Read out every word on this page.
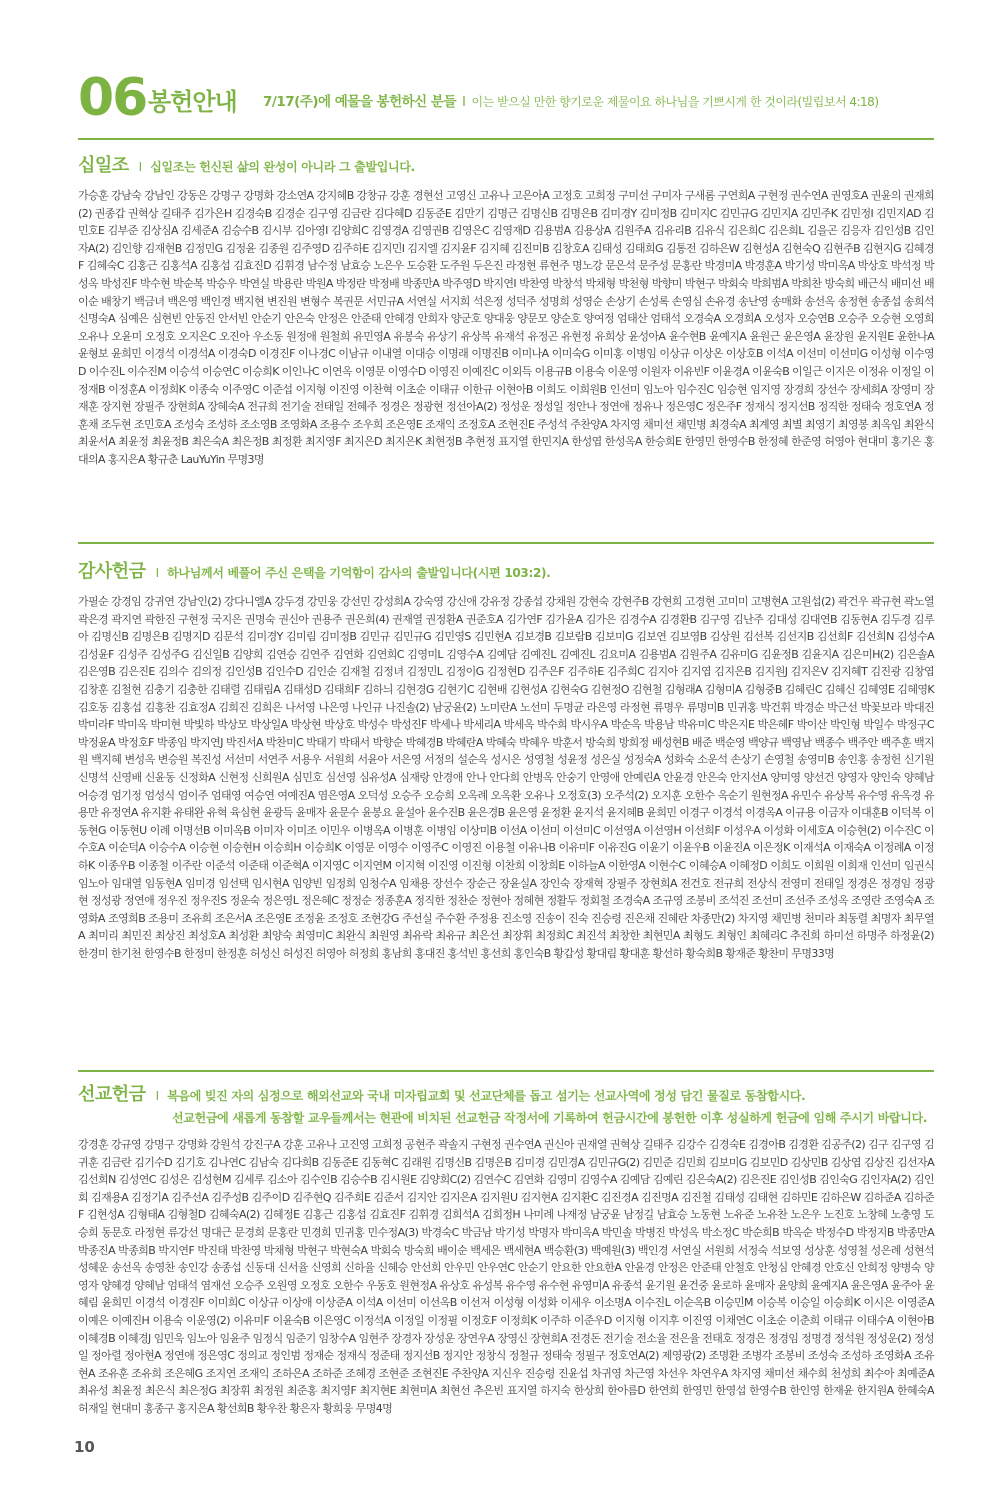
06 봉헌안내 7/17(주)에 예물을 봉헌하신 분들 I 이는 받으실 만한 향기로운 제물이요 하나님을 기쁘시게 한 것이라(빌립보서 4:18)
십일조 I 십일조는 헌신된 삶의 완성이 아니라 그 출발입니다.
가승훈 강남숙 강남인 강동은 강명구 강명화 강소연A 강지혜B 강창규 강훈 경현선 고영신 고유나 고은아A 고정호 고희정 구미선 구미자 구새롬 구연희A 구현정 권수연A 권영호A 권윤의 권재희(2) 권종갑 권혁상 길태주 김가은H 김경숙B 김경순 김구영 김금란 김다혜D 김동준E 김만기 김명근 김명신B 김명은B 김미경Y 김미정B 김미지C 김민규G 김민지A 김민주K 김민정I 김민지AD 김민호E 김부준 김상심A 김세준A 김승수B 김시부 김아영I 김양희C 김영경A 김영권B 김영은C 김영재D 김용범A 김용상A 김원주A 김유리B 김유식 김은희C 김은희L 김을곤 김응자 김인성B 김인자A(2) 김인향 김재현B 김정민G 김정윤 김종원 김주영D 김주하E 김지민I 김지엘 김지윤F 김지혜 김진미B 김창호A 김태성 김태희G 김통전 김하은W 김현성A 김현숙Q 김현주B 김현지G 김혜경F 김혜숙C 김홍근 김홍석A 김홍섭 김효진D 김휘경 남수정 남효승 노은우 도승환 도주원 두은진 라정현 류현주 명노강 문은석 문주성 문홍란 박경미A 박경훈A 박기성 박미옥A 박상호 박석정 박성옥 박성진F 박수현 박순복 박승우 박연실 박용란 박원A 박정란 박정배 박종만A 박주영D 박지연I 박찬영 박창석 박채형 박천형 박향미 박현구 박회숙 박희범A 박희찬 방숙희 배근식 배미선 배이순 배창기 백금녀 백은영 백인경 백지현 변진원 변형수 복권문 서민규A 서연실 서지희 석은정 성덕주 성명희 성영순 손상기 손성록 손영심 손유경 송난영 송매화 송선옥 송정현 송종섭 송희석 신명숙A 심예은 심현빈 안동진 안서빈 안순기 안은숙 안정은 안준태 안혜경 안희자 양군호 양대웅 양문모 양순호 양여정 엄태산 엄태석 오경숙A 오경희A 오성자 오승연B 오승주 오승현 오영희 오유나 오윤미 오정호 오지은C 오진아 우소동 원정애 원철희 유민영A 유봉숙 유상기 유상복 유재석 유정곤 유현정 유희상 윤성아A 윤수현B 윤예지A 윤원근 윤은영A 윤장원 윤지원E 윤한나A 윤형보 윤희민 이경석 이경석A 이경숙D 이경진F 이나경C 이남규 이내열 이대승 이명래 이명진B 이미나A 이미숙G 이미홍 이병임 이상규 이상온 이상호B 이석A 이선미 이선미G 이성형 이수영D 이수진L 이수진M 이승석 이승연C 이승희K 이인나C 이연옥 이영문 이영수D 이영진 이예진C 이외득 이용규B 이용숙 이운영 이원자 이유빈F 이윤경A 이윤숙B 이일근 이지은 이정유 이정일 이정재B 이정훈A 이정희K 이종숙 이주영C 이준섭 이지형 이진영 이찬혁 이초순 이태규 이한규 이현아B 이희도 이희원B 인선미 임노아 임수진C 임승현 임지영 장경희 장선수 장세희A 장영미 장재훈 장지현 장필주 장현희A 장혜숙A 전규희 전기술 전태일 전혜주 정경은 정광현 정선아A(2) 정성운 정성일 정안나 정연애 정유나 정은영C 정은주F 정재식 정지선B 정직한 정태숙 정호연A 정훈채 조두현 조민호A 조성숙 조성하 조소영B 조영화A 조용수 조우희 조은영E 조재익 조정호A 조현진E 주성석 주찬양A 차지영 채미선 채민병 최경숙A 최계영 최별 최영기 최영봉 최옥임 최완식 최윤서A 최윤정 최윤정B 최은숙A 최은정B 최정환 최지영F 최지은D 최지은K 최현정B 추현정 표지열 한민지A 한성엽 한성옥A 한승희E 한영민 한영수B 한정혜 한준영 허영아 현대미 홍기은 홍대의A 홍지은A 황규춘 LauYuYin 무명3명
감사헌금 I 하나님께서 베풀어 주신 은택을 기억함이 감사의 출발입니다(시편 103:2).
가필순 강경임 강귀연 강남인(2) 강다니엘A 강두경 강민웅 강선민 강성희A 강숙영 강신애 강유정 강종섭 강채원 강현숙 강현주B 강현희 고경현 고미미 고병현A 고원섭(2) 곽건우 곽규현 곽노열 곽은경 곽지연 곽한진 구현정 국지은 권명숙 권신아 권용주 권은희(4) 권재열 권정환A 권준호A 김가연F 김가윤A 김가은 김경수A 김경환B 김구영 김난주 김대성 김대연B 김동현A 김두경 김루아 김명신B 김명은B 김명지D 김문석 김미경Y 김미림 김미정B 김민규 김민규G 김민영S 김민현A 김보경B 김보람B 김보미G 김보연 김보영B 김상원 김선복 김선지B 김선희F 김선희N 김성수A 김성윤F 김성주 김성주G 김신일B 김양희 김연승 김연주 김연화 김연희C 김영미L 김영수A 김예담 김예진L 김예진L 김요미A 김용범A 김원주A 김유미G 김윤정B 김윤지A 김은미H(2) 김은솔A 김은영B 김은진E 김의수 김의정 김인성B 김인수D 김인순 김재철 김정녀 김정민L 김정이G 김정현D 김주은F 김주하E 김주희C 김지아 김지엽 김지은B 김지원J 김지은V 김지혜T 김진광 김창엽 김창훈 김철현 김충기 김충한 김태렬 김태림A 김태성D 김태희F 김하늬 김현경G 김현기C 김현배 김현성A 김현숙G 김현정O 김현철 김형래A 김형미A 김형중B 김혜린C 김혜신 김혜영E 김혜영K 김호동 김홍섭 김홍찬 김효정A 김희진 김희은 나서영 나은영 나인규 나진솔(2) 남궁윤(2) 노미란A 노선미 두명균 라은영 라정현 류명우 류명미B 민귀홍 박건휘 박경순 박근선 박꽃보라 박대진 박미라F 박미옥 박미현 박빛하 박상모 박상일A 박상현 박상호 박성수 박성진F 박세나 박세리A 박세옥 박수희 박시우A 박순옥 박용남 박유미C 박은지E 박은혜F 박이산 박인형 박일수 박정구C 박정윤A 박정호F 박종임 박지연J 박진서A 박찬미C 박태기 박태서 박향순 박혜경B 박혜란A 박혜숙 박혜우 박훈서 방숙희 방희정 배성현B 배준 백순영 백양규 백영남 백종수 백주안 백주훈 백지원 백지혜 변성옥 변승원 복진성 서선미 서연주 서용우 서원희 서윤아 서은영 서정의 설순옥 성시은 성영철 성윤정 성은실 성정숙A 성화숙 소운석 손상기 손영철 송영미B 송인홍 송정헌 신기원 신명석 신영배 신윤동 신정화A 신현정 신희원A 심민호 심선영 심유성A 심재랑 안경애 안나 안다희 안병옥 안숭기 안영애 안예린A 안윤경 안은숙 안지선A 양미영 양선건 양영자 양인숙 양혜남 어승경 엄기정 엄성식 엄이주 엄태영 여승연 여예진A 염은영A 오덕성 오승주 오승희 오옥례 오옥환 오유나 오정호(3) 오주석(2) 오지훈 오한수 옥순기 원현정A 유민수 유상복 유수영 유옥경 유용만 유정연A 유지환 유태완 유혁 육심현 윤광득 윤매자 윤문수 윤봉요 윤설아 윤수진B 윤은경B 윤은영 윤정환 윤지석 윤지혜B 윤희민 이경구 이경석 이경옥A 이규용 이금자 이대훈B 이덕복 이동현G 이동현U 이례 이명선B 이미옥B 이미자 이미조 이민우 이병옥A 이병훈 이병임 이상미B 이선A 이선미 이선미C 이선영A 이선영H 이선희F 이성우A 이성화 이세호A 이승현(2) 이수진C 이수호A 이순덕A 이승수A 이승현 이승현H 이승희H 이승희K 이영문 이영수 이영주C 이영진 이용철 이유나B 이유미F 이유진G 이윤기 이윤우B 이윤진A 이은정K 이재석A 이재숙A 이정례A 이정하K 이종우B 이종철 이주란 이준석 이준태 이준혁A 이지영C 이지연M 이지혁 이진영 이진형 이찬희 이창희E 이하늘A 이한영A 이현수C 이혜승A 이혜정D 이희도 이희원 이희재 인선미 임권식 임노아 임대열 임동현A 임미경 임선택 임시현A 임양빈 임정희 임청수A 임채용 장선수 장순근 장윤실A 장인숙 장재혁 장필주 장현희A 전건호 전규희 전상식 전영미 전태일 정경은 정경임 정광현 정성광 정연애 정우진 정우진S 정운숙 정은영L 정은혜C 정정순 정종훈A 정직한 정찬순 정현아 정혜현 정활두 정회철 조경숙A 조규영 조봉비 조석진 조선미 조선주 조성옥 조영란 조영숙A 조영화A 조영희B 조용미 조유희 조은서A 조은영E 조정윤 조정호 조현강G 주선실 주수환 주정용 진소영 진송이 진숙 진승령 진은채 진혜란 차종만(2) 차지영 채민병 천미라 최동렬 최명자 최무열A 최미리 최민진 최상진 최성호A 최성환 최양숙 최영미C 최완식 최원영 최유락 최유규 최은선 최장휘 최정희C 최진석 최창한 최현민A 최형도 최형인 최혜리C 추진희 하미선 하명주 하정윤(2) 한경미 한기천 한영수B 한정미 한정훈 허성신 허성진 허영아 허정희 홍남희 홍대진 홍석빈 홍선희 홍인숙B 황갑성 황대림 황대훈 황선하 황숙희B 황재준 황찬미 무명33명
선교헌금 I 복음에 빚진 자의 심정으로 해외선교와 국내 미자립교회 및 선교단체를 돕고 섬기는 선교사역에 정성 담긴 물질로 동참합시다.
선교헌금에 새롭게 동참할 교우들께서는 현관에 비치된 선교헌금 작정서에 기록하여 헌금시간에 봉헌한 이후 성실하게 헌금에 임해 주시기 바랍니다.
강경훈 강규영 강명구 강명화 강원석 강진구A 강훈 고유나 고진영 고희정 공현주 곽솔지 구현정 권수연A 권신아 권재열 권혁상 길태주 김강수 김경숙E 김경아B 김경환 김공주(2) 김구 김구영 김귀훈 김금란 김기수D 김기호 김나연C 김남숙 김다희B 김동준E 김동혁C 김래원 김명신B 김명은B 김미경 김민경A 김민규G(2) 김민준 김민희 김보미G 김보민D 김상민B 김상엽 김상진 김선자A 김선희N 김성연C 김성은 김성현M 김세루 김소아 김수인B 김승수B 김시원E 김양희C(2) 김연수C 김연화 김영미 김영수A 김예담 김예린 김은숙A(2) 김은진E 김인성B 김인숙G 김인자A(2) 김인회 김재용A 김정기A 김주선A 김주성B 김주이D 김주현Q 김주희E 김준서 김지안 김지은A 김지원U 김지현A 김지환C 김진경A 김진명A 김진철 김태성 김태현 김하민E 김하은W 김하준A 김하준F 김현성A 김형태A 김형철D 김혜숙A(2) 김혜정E 김홍근 김홍섭 김효진F 김휘경 김희석A 김희정H 나미례 나재정 남궁윤 남정길 남효승 노동현 노유준 노유찬 노은우 노진호 노창혜 노충영 도승희 동문호 라정현 류강선 명대근 문경희 문홍란 민경희 민귀홍 민수정A(3) 박경숙C 박금남 박기성 박명자 박미옥A 박민솔 박병진 박성옥 박소정C 박순희B 박옥순 박정수D 박정지B 박종만A 박종진A 박종희B 박지연F 박진태 박찬영 박채형 박현구 박현숙A 박회숙 방숙희 배이순 백세은 백세현A 백승환(3) 백예원(3) 백인경 서연실 서원희 서정숙 석보영 성상훈 성영철 성은례 성현석 성혜운 송선옥 송영찬 송인강 송종섭 신동대 신서율 신영희 신하율 신혜승 안선희 안우민 안우연C 안순기 안요한 안요한A 안윤경 안정은 안준태 안철호 안청심 안혜경 안호신 안희정 양병숙 양영자 양혜경 양혜남 엄태석 염재선 오승주 오원영 오정호 오한수 우동호 원현정A 유상호 유성복 유수영 유수현 유영미A 유종석 윤기원 윤건중 윤로하 윤매자 윤양희 윤예지A 윤은영A 윤주아 윤혜림 윤희민 이경석 이경진F 이미희C 이상규 이상애 이상준A 이석A 이선미 이선옥B 이선저 이성형 이성화 이세우 이소명A 이수진L 이순옥B 이승민M 이승복 이승일 이승희K 이시은 이영준A 이예은 이예진H 이용숙 이운영(2) 이유미F 이윤숙B 이은영C 이정석A 이정일 이정필 이정호F 이정희K 이주하 이준우D 이지형 이지후 이진영 이채연C 이초순 이춘희 이태규 이태수A 이현아B 이혜경B 이혜경J 임민욱 임노아 임윤주 임정식 임준기 임창수A 임현주 장경자 장성운 장연우A 장영신 장현희A 전경돈 전기술 전소율 전은율 전태호 정경은 정경임 정명경 정석원 정성운(2) 정성일 정아렬 정아현A 정연애 정은영C 정의교 정인범 정재순 정재식 정준태 정지선B 정지안 정창식 정철규 정태숙 정필구 정호연A(2) 제영광(2) 조명환 조병각 조봉비 조성숙 조성하 조영화A 조유현A 조유훈 조유희 조은혜G 조지연 조재익 조하은A 조하준 조혜경 조현준 조현진E 주찬양A 지신우 진승령 진윤섭 차귀영 차근영 차선우 차연우A 차지영 채미선 채수희 천성희 최수아 최예준A 최유성 최윤정 최은식 최은정G 최장휘 최정원 최준홍 최지영F 최지현E 최현미A 최현선 추은빈 표지열 하지숙 한상희 한아름D 한연희 한영민 한영섭 한영수B 한인영 한재윤 한지원A 한혜숙A 허재일 현대미 홍종구 홍지은A 황선희B 황우찬 황은자 황희웅 무명4명
10
